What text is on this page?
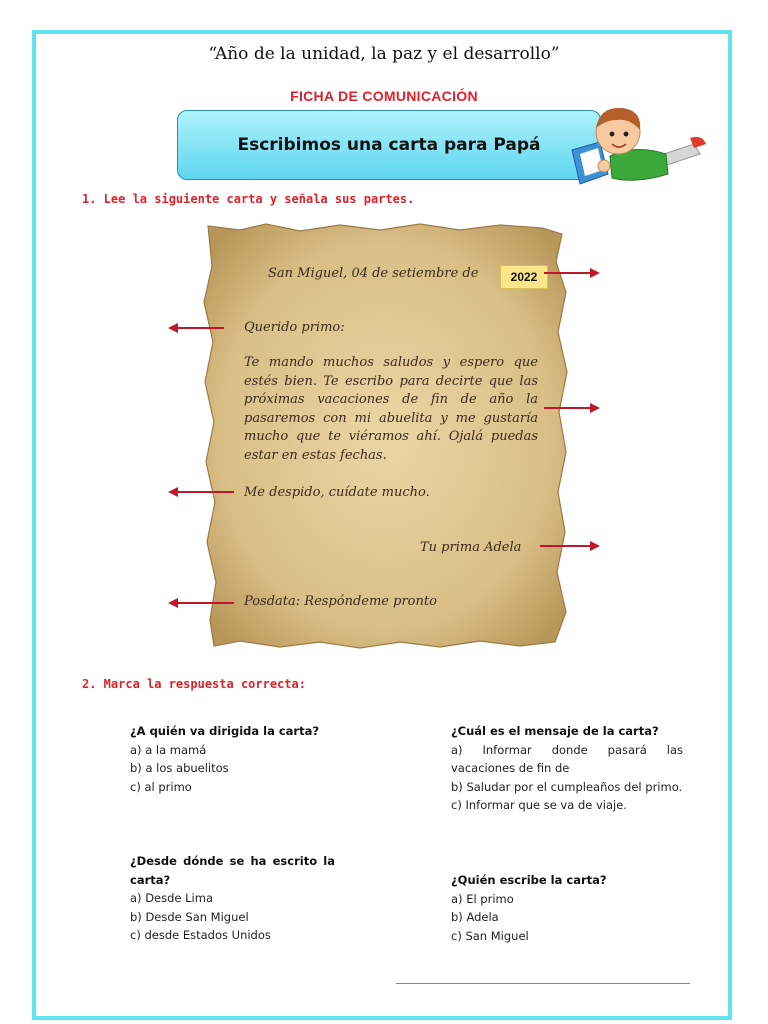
“Año de la unidad, la paz y el desarrollo”
FICHA DE COMUNICACIÓN
Escribimos una carta para Papá
1. Lee la siguiente carta y señala sus partes.
San Miguel, 04 de setiembre de	2022
Querido primo:
Te mando muchos saludos y espero que estés bien. Te escribo para decirte que las próximas vacaciones de fin de año la pasaremos con mi abuelita y me gustaría mucho que te viéramos ahí. Ojalá puedas estar en estas fechas.
Me despido, cuídate mucho.
Tu prima Adela
Posdata: Respóndeme pronto
2. Marca la respuesta correcta:
¿A quién va dirigida la carta?
a) a la mamá
b) a los abuelitos
c) al primo
¿Cuál es el mensaje de la carta?
a) Informar donde pasará las vacaciones de fin de
b) Saludar por el cumpleaños del primo.
c) Informar que se va de viaje.
¿Desde dónde se ha escrito la carta?
a) Desde Lima
b) Desde San Miguel
c) desde Estados Unidos
¿Quién escribe la carta?
a) El primo
b) Adela
c) San Miguel
